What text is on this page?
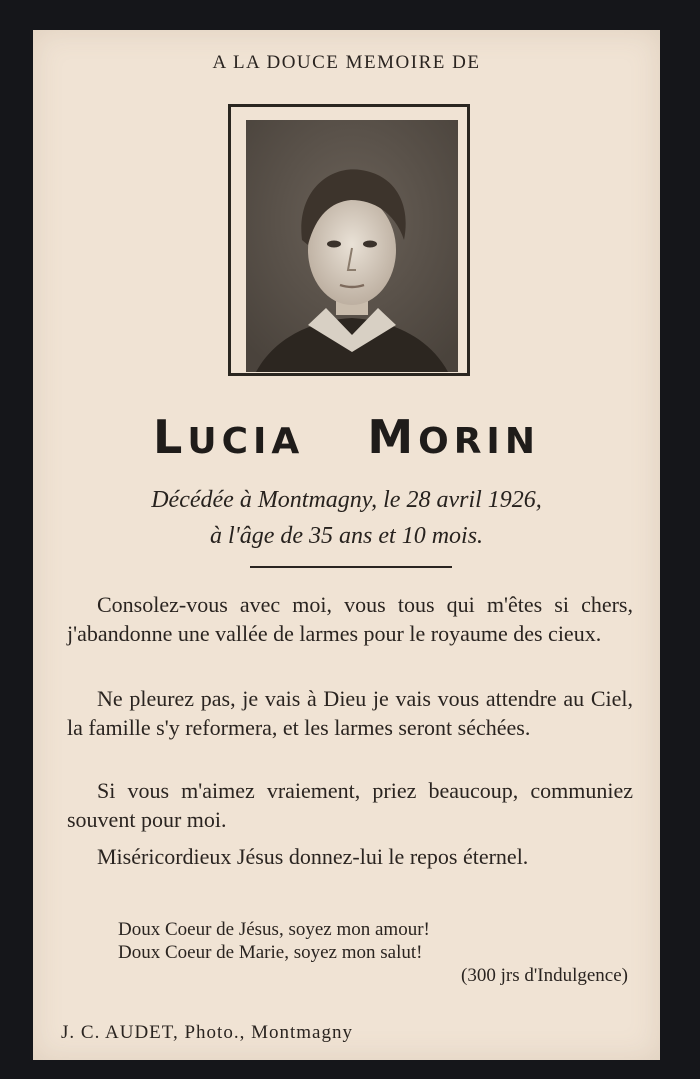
A LA DOUCE MEMOIRE DE
LUCIA MORIN
Décédée à Montmagny, le 28 avril 1926,
à l'âge de 35 ans et 10 mois.
Consolez-vous avec moi, vous tous qui m'êtes si chers, j'abandonne une vallée de larmes pour le royaume des cieux.
Ne pleurez pas, je vais à Dieu je vais vous attendre au Ciel, la famille s'y reformera, et les larmes seront séchées.
Si vous m'aimez vraiement, priez beaucoup, communiez souvent pour moi.
Miséricordieux Jésus donnez-lui le repos éternel.
Doux Coeur de Jésus, soyez mon amour!
Doux Coeur de Marie, soyez mon salut!
(300 jrs d'Indulgence)
J. C. AUDET, Photo., Montmagny
